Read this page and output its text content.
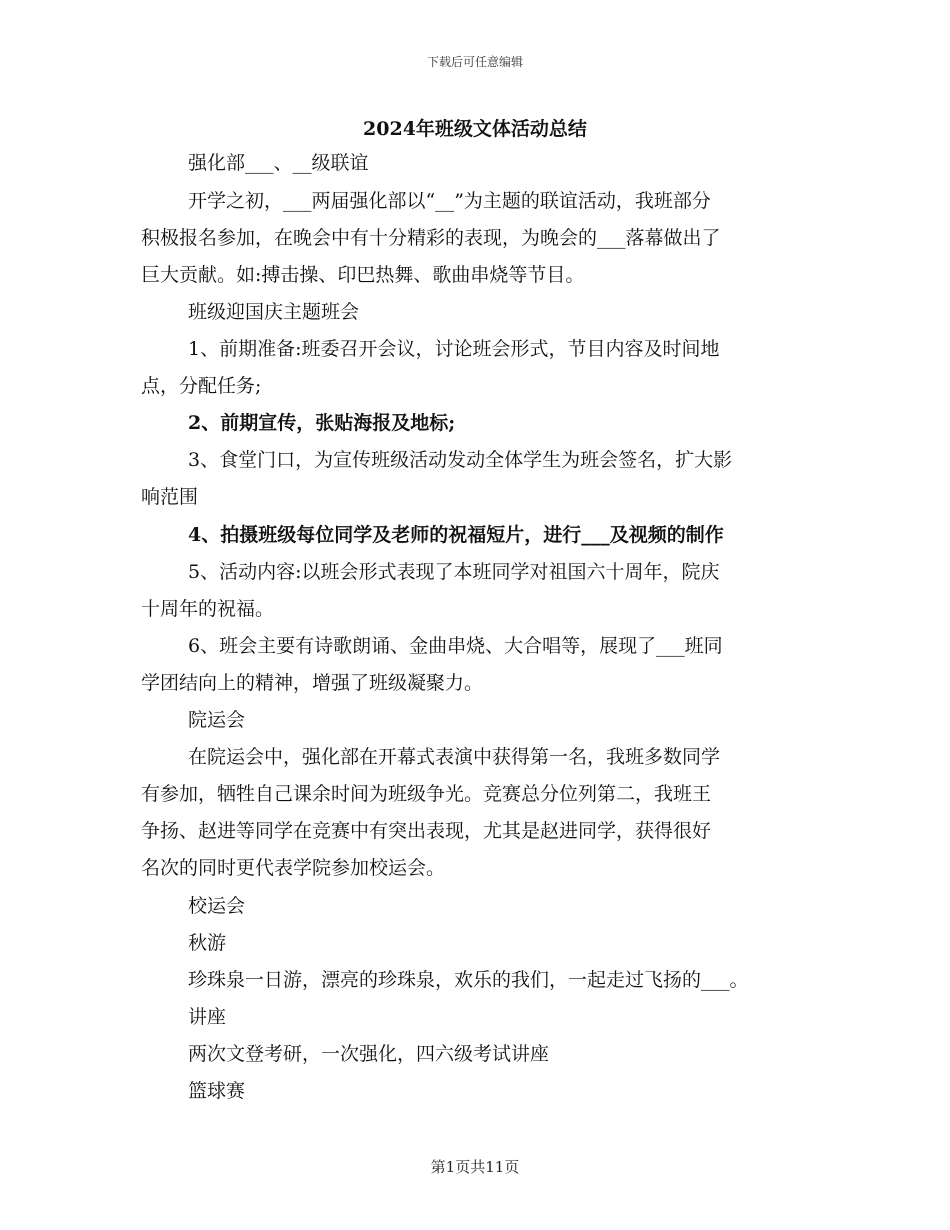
下载后可任意编辑
2024年班级文体活动总结
强化部___、__级联谊
开学之初，___两届强化部以“__”为主题的联谊活动，我班部分
积极报名参加，在晚会中有十分精彩的表现，为晚会的___落幕做出了
巨大贡献。如:搏击操、印巴热舞、歌曲串烧等节目。
班级迎国庆主题班会
1、前期准备:班委召开会议，讨论班会形式，节目内容及时间地
点，分配任务;
2、前期宣传，张贴海报及地标;
3、食堂门口，为宣传班级活动发动全体学生为班会签名，扩大影
响范围
4、拍摄班级每位同学及老师的祝福短片，进行___及视频的制作
5、活动内容:以班会形式表现了本班同学对祖国六十周年，院庆
十周年的祝福。
6、班会主要有诗歌朗诵、金曲串烧、大合唱等，展现了___班同
学团结向上的精神，增强了班级凝聚力。
院运会
在院运会中，强化部在开幕式表演中获得第一名，我班多数同学
有参加，牺牲自己课余时间为班级争光。竞赛总分位列第二，我班王
争扬、赵进等同学在竞赛中有突出表现，尤其是赵进同学，获得很好
名次的同时更代表学院参加校运会。
校运会
秋游
珍珠泉一日游，漂亮的珍珠泉，欢乐的我们，一起走过飞扬的___。
讲座
两次文登考研，一次强化，四六级考试讲座
篮球赛
第1页共11页
